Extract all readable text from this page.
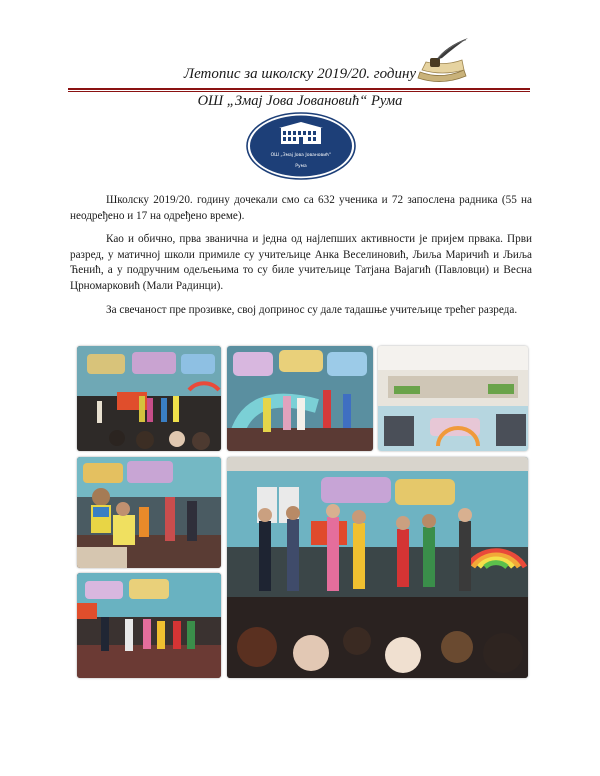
Летопис за школску 2019/20. годину
ОШ „Змај Јова Јовановић“ Рума
ОШ „Змај Јова Јовановић“
Рума

Школску 2019/20. годину дочекали смо са 632 ученика и 72 запослена радника (55 на неодређено и 17 на одређено време).

Као и обично, прва званична и једна од најлепших активности је пријем првака. Први разред, у матичној школи примиле су учитељице Анка Веселиновић, Љиља Маричић и Љиља Ћенић, а у подручним одељењима то су биле учитељице Татјана Вајагић (Павловци) и Весна Црномарковић (Мали Радинци).

За свечаност пре прозивке, свој допринос су дале тадашње учитељице трећег разреда.
